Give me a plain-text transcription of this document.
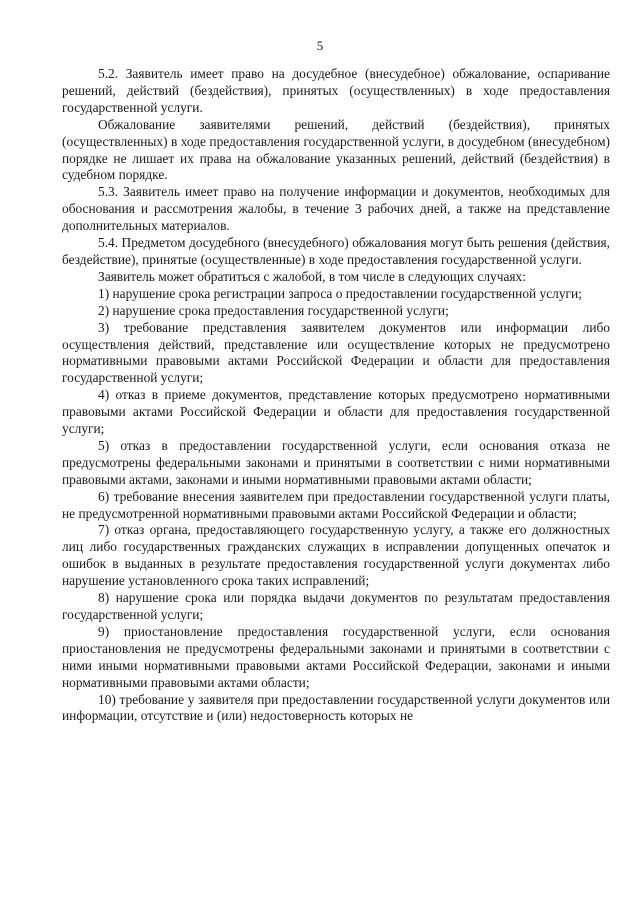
5

5.2. Заявитель имеет право на досудебное (внесудебное) обжалование, оспаривание решений, действий (бездействия), принятых (осуществленных) в ходе предоставления государственной услуги.

Обжалование заявителями решений, действий (бездействия), принятых (осуществленных) в ходе предоставления государственной услуги, в досудебном (внесудебном) порядке не лишает их права на обжалование указанных решений, действий (бездействия) в судебном порядке.

5.3. Заявитель имеет право на получение информации и документов, необходимых для обоснования и рассмотрения жалобы, в течение 3 рабочих дней, а также на представление дополнительных материалов.

5.4. Предметом досудебного (внесудебного) обжалования могут быть решения (действия, бездействие), принятые (осуществленные) в ходе предоставления государственной услуги.

Заявитель может обратиться с жалобой, в том числе в следующих случаях:

1) нарушение срока регистрации запроса о предоставлении государственной услуги;

2) нарушение срока предоставления государственной услуги;

3) требование представления заявителем документов или информации либо осуществления действий, представление или осуществление которых не предусмотрено нормативными правовыми актами Российской Федерации и области для предоставления государственной услуги;

4) отказ в приеме документов, представление которых предусмотрено нормативными правовыми актами Российской Федерации и области для предоставления государственной услуги;

5) отказ в предоставлении государственной услуги, если основания отказа не предусмотрены федеральными законами и принятыми в соответствии с ними нормативными правовыми актами, законами и иными нормативными правовыми актами области;

6) требование внесения заявителем при предоставлении государственной услуги платы, не предусмотренной нормативными правовыми актами Российской Федерации и области;

7) отказ органа, предоставляющего государственную услугу, а также его должностных лиц либо государственных гражданских служащих в исправлении допущенных опечаток и ошибок в выданных в результате предоставления государственной услуги документах либо нарушение установленного срока таких исправлений;

8) нарушение срока или порядка выдачи документов по результатам предоставления государственной услуги;

9) приостановление предоставления государственной услуги, если основания приостановления не предусмотрены федеральными законами и принятыми в соответствии с ними иными нормативными правовыми актами Российской Федерации, законами и иными нормативными правовыми актами области;

10) требование у заявителя при предоставлении государственной услуги документов или информации, отсутствие и (или) недостоверность которых не
